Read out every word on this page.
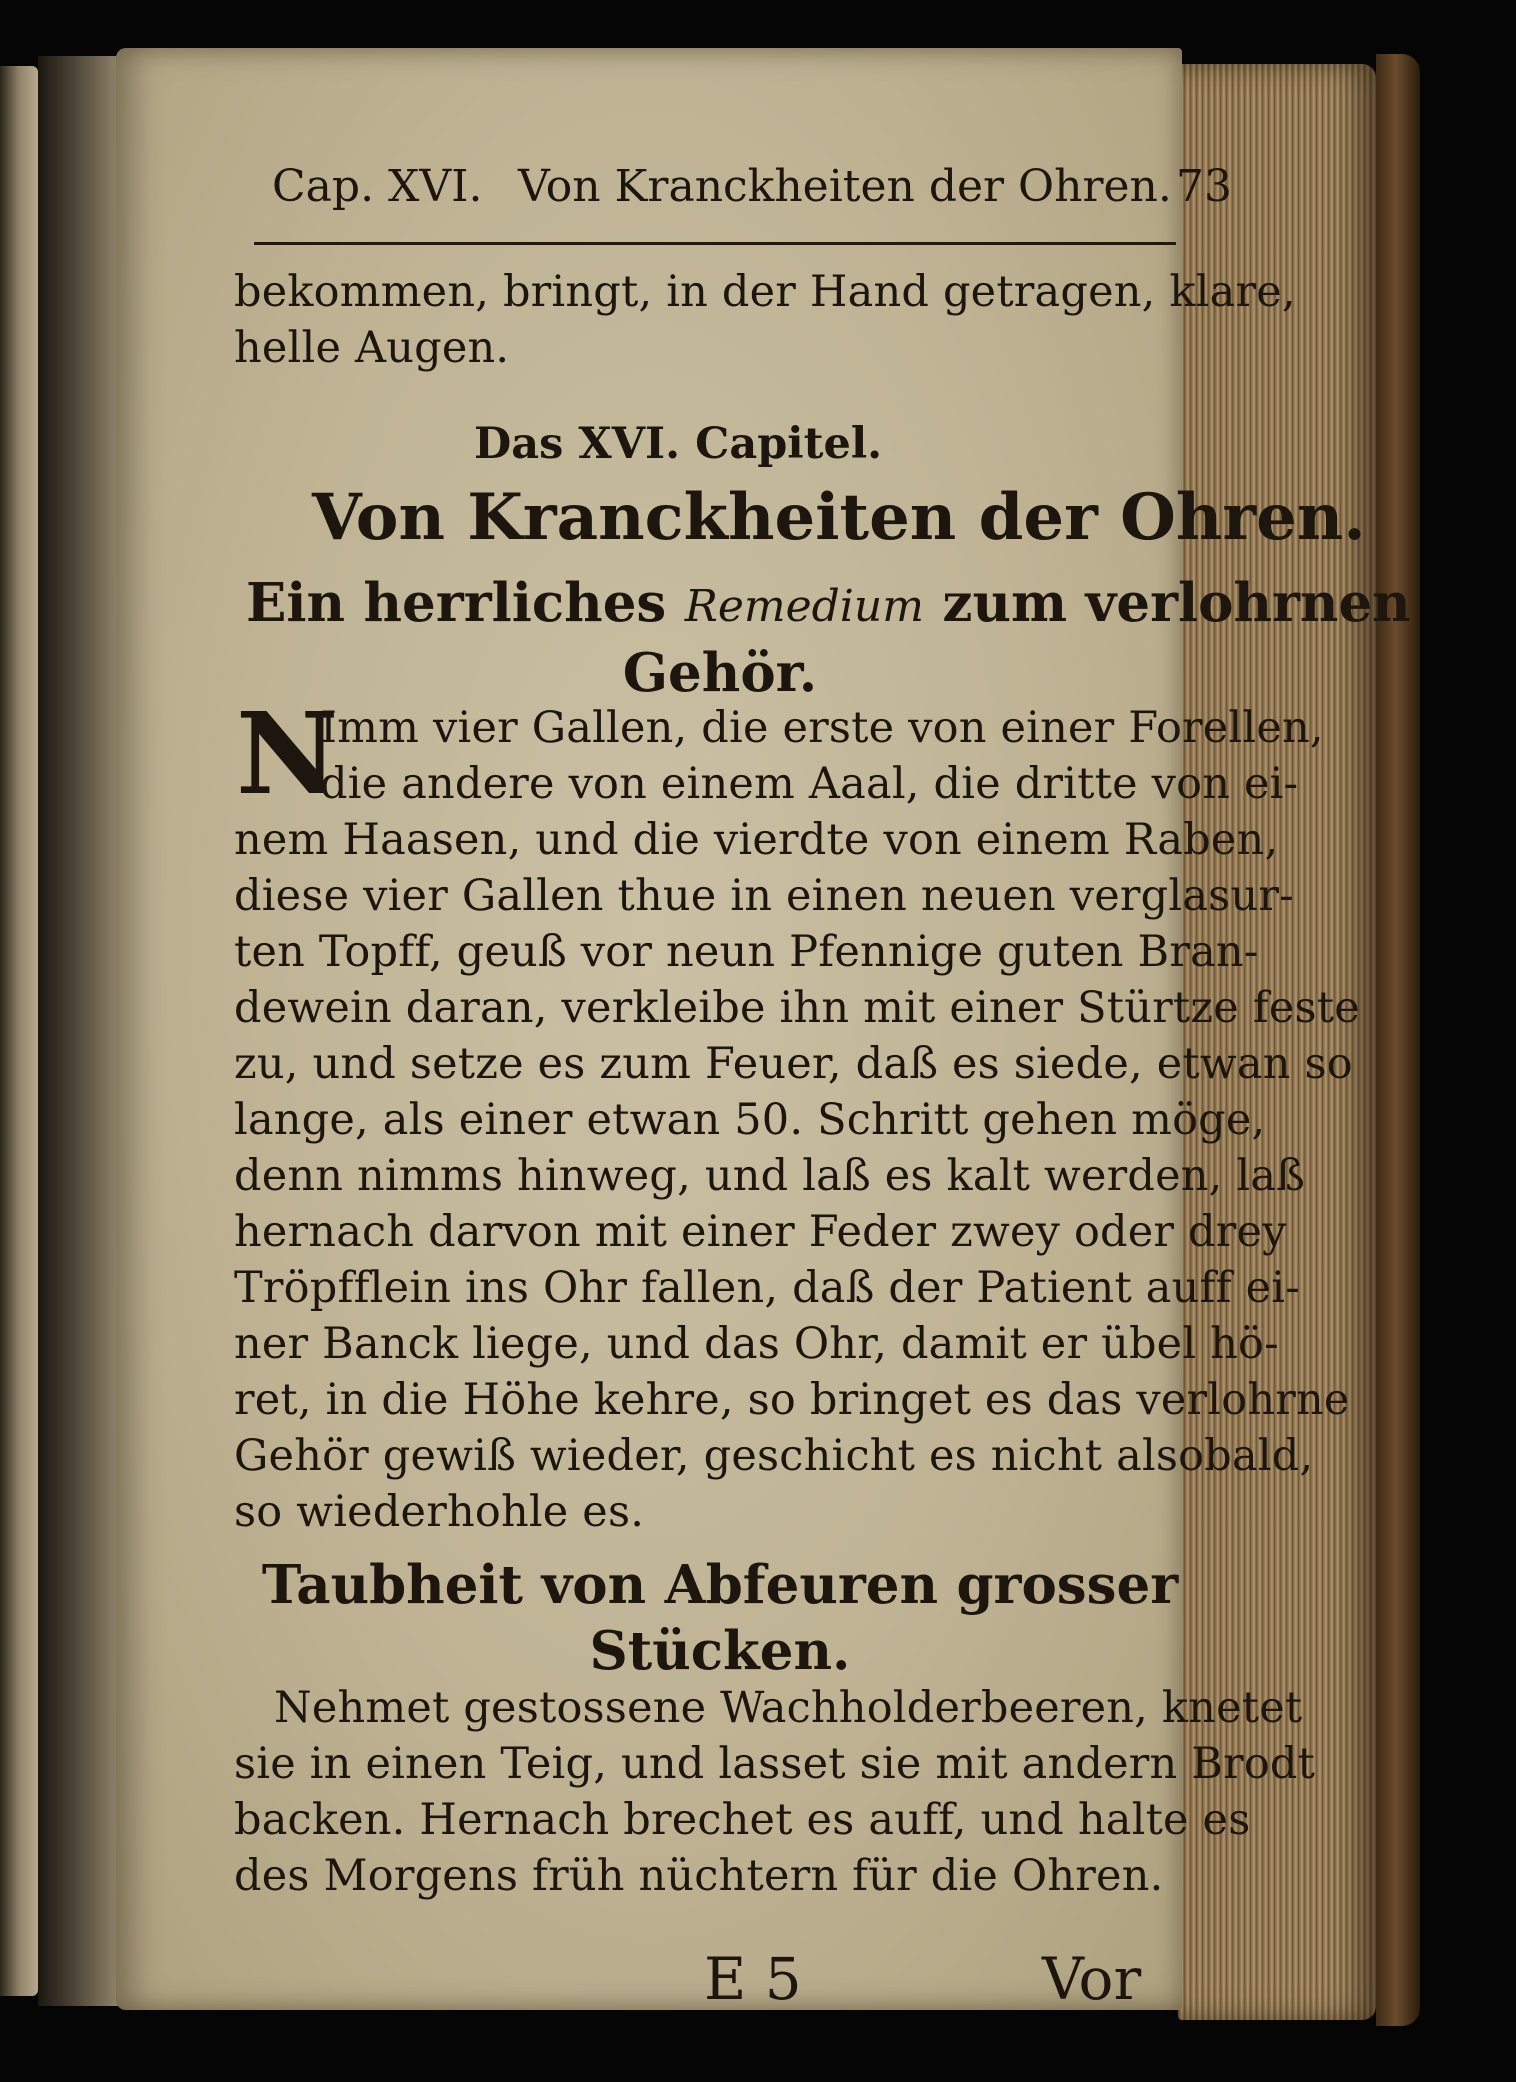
Cap. XVI. Von Kranckheiten der Ohren. 73
bekommen, bringt, in der Hand getragen, klare,
helle Augen.
Das XVI. Capitel.
Von Kranckheiten der Ohren.
Ein herrliches Remedium zum verlohrnen
Gehör.
N
Imm vier Gallen, die erste von einer Forellen,
die andere von einem Aaal, die dritte von ei-
nem Haasen, und die vierdte von einem Raben,
diese vier Gallen thue in einen neuen verglasur-
ten Topff, geuß vor neun Pfennige guten Bran-
dewein daran, verkleibe ihn mit einer Stürtze feste
zu, und setze es zum Feuer, daß es siede, etwan so
lange, als einer etwan 50. Schritt gehen möge,
denn nimms hinweg, und laß es kalt werden, laß
hernach darvon mit einer Feder zwey oder drey
Tröpfflein ins Ohr fallen, daß der Patient auff ei-
ner Banck liege, und das Ohr, damit er übel hö-
ret, in die Höhe kehre, so bringet es das verlohrne
Gehör gewiß wieder, geschicht es nicht alsobald,
so wiederhohle es.
Taubheit von Abfeuren grosser
Stücken.
Nehmet gestossene Wachholderbeeren, knetet
sie in einen Teig, und lasset sie mit andern Brodt
backen. Hernach brechet es auff, und halte es
des Morgens früh nüchtern für die Ohren.
E 5	Vor
